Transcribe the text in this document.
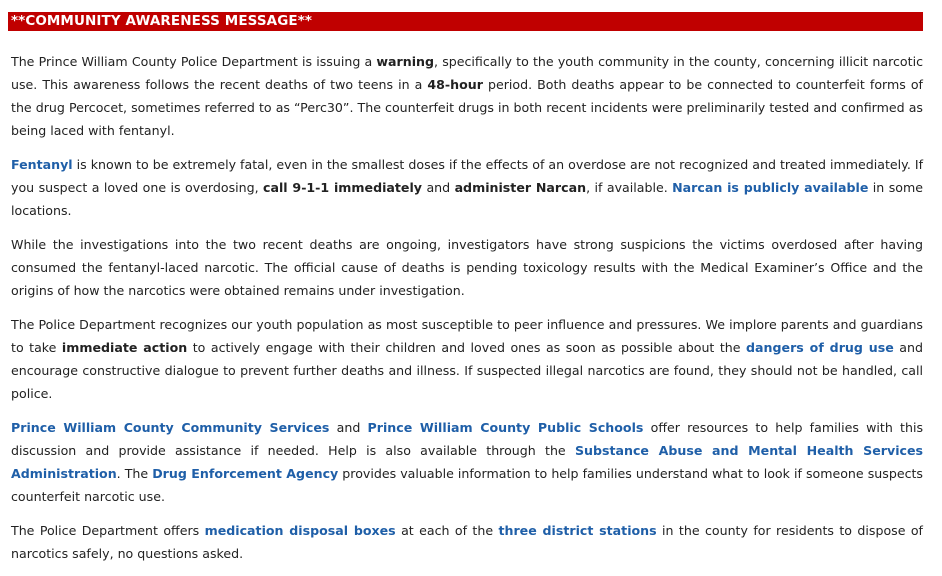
**COMMUNITY AWARENESS MESSAGE**

The Prince William County Police Department is issuing a warning, specifically to the youth community in the county, concerning illicit narcotic use. This awareness follows the recent deaths of two teens in a 48-hour period. Both deaths appear to be connected to counterfeit forms of the drug Percocet, sometimes referred to as “Perc30”. The counterfeit drugs in both recent incidents were preliminarily tested and confirmed as being laced with fentanyl.

Fentanyl is known to be extremely fatal, even in the smallest doses if the effects of an overdose are not recognized and treated immediately. If you suspect a loved one is overdosing, call 9-1-1 immediately and administer Narcan, if available. Narcan is publicly available in some locations.

While the investigations into the two recent deaths are ongoing, investigators have strong suspicions the victims overdosed after having consumed the fentanyl-laced narcotic. The official cause of deaths is pending toxicology results with the Medical Examiner’s Office and the origins of how the narcotics were obtained remains under investigation.

The Police Department recognizes our youth population as most susceptible to peer influence and pressures. We implore parents and guardians to take immediate action to actively engage with their children and loved ones as soon as possible about the dangers of drug use and encourage constructive dialogue to prevent further deaths and illness. If suspected illegal narcotics are found, they should not be handled, call police.

Prince William County Community Services and Prince William County Public Schools offer resources to help families with this discussion and provide assistance if needed. Help is also available through the Substance Abuse and Mental Health Services Administration. The Drug Enforcement Agency provides valuable information to help families understand what to look if someone suspects counterfeit narcotic use.

The Police Department offers medication disposal boxes at each of the three district stations in the county for residents to dispose of narcotics safely, no questions asked.
